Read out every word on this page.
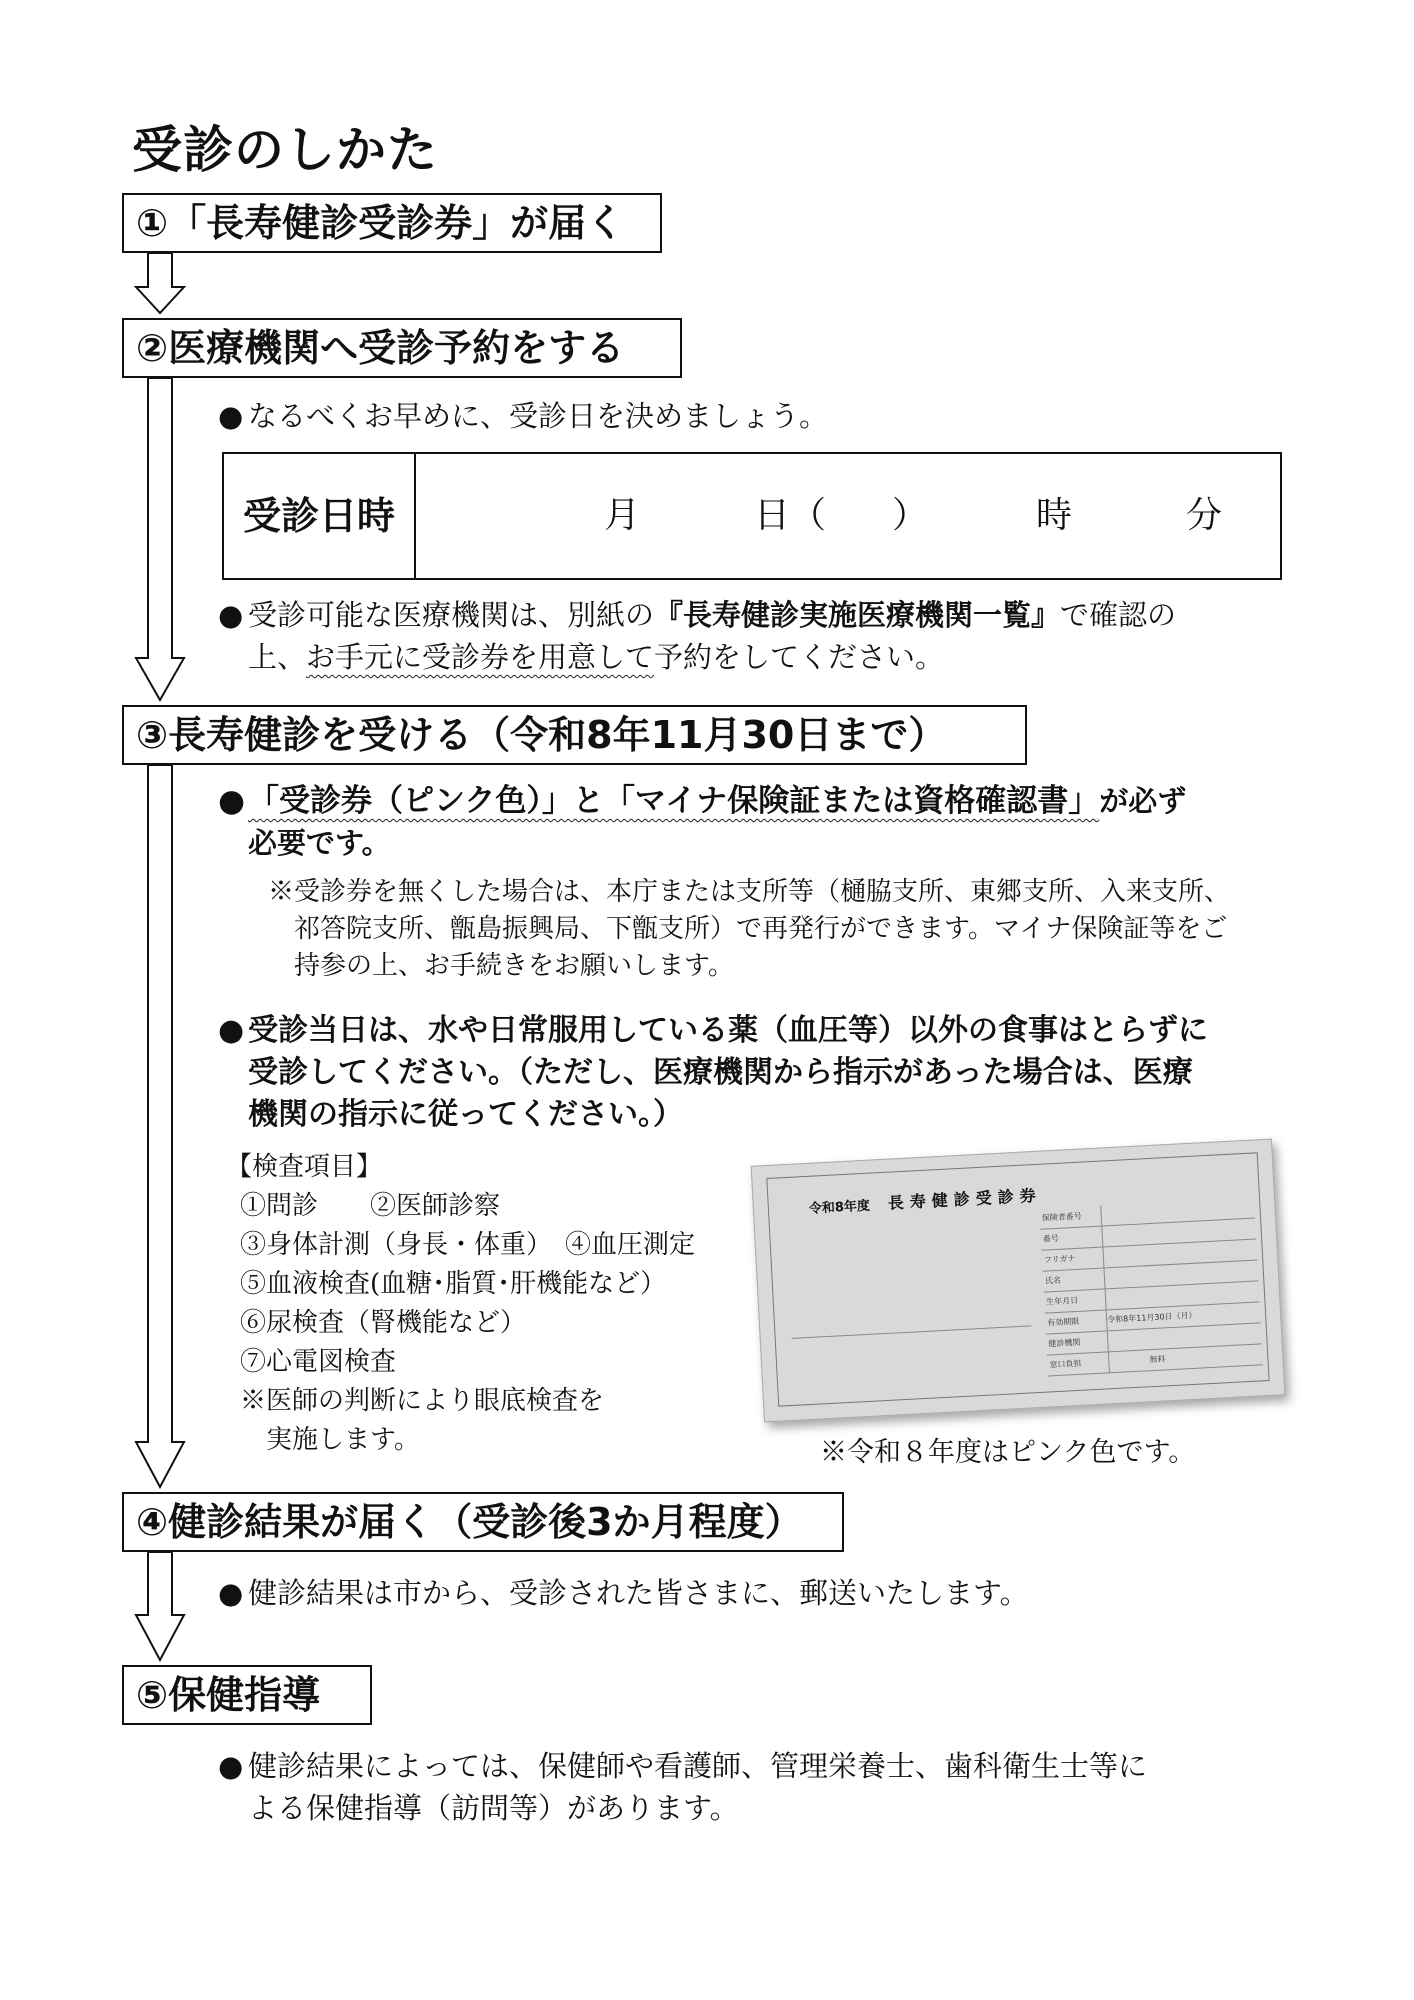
受診のしかた
①「長寿健診受診券」が届く
②医療機関へ受診予約をする
③長寿健診を受ける（令和8年11月30日まで）
④健診結果が届く（受診後3か月程度）
⑤保健指導
● なるべくお早めに、受診日を決めましょう。
受診日時	月	日（ ）	時	分
● 受診可能な医療機関は、別紙の『長寿健診実施医療機関一覧』で確認の
上、お手元に受診券を用意して予約をしてください。
●「受診券（ピンク色）」と「マイナ保険証または資格確認書」が必ず
必要です。
※受診券を無くした場合は、本庁または支所等（樋脇支所、東郷支所、入来支所、
祁答院支所、甑島振興局、下甑支所）で再発行ができます。マイナ保険証等をご
持参の上、お手続きをお願いします。
● 受診当日は、水や日常服用している薬（血圧等）以外の食事はとらずに
受診してください。（ただし、医療機関から指示があった場合は、医療
機関の指示に従ってください。）
【検査項目】
①問診　　②医師診察
③身体計測（身長・体重）　④血圧測定
⑤血液検査(血糖･脂質･肝機能など）
⑥尿検査（腎機能など）
⑦心電図検査
※医師の判断により眼底検査を
実施します。
令和8年度 長寿健診受診券
保険者番号
番号
フリガナ
氏名
生年月日
有効期限	令和8年11月30日（月）
健診機関
窓口負担	無料
※令和８年度はピンク色です。
● 健診結果は市から、受診された皆さまに、郵送いたします。
● 健診結果によっては、保健師や看護師、管理栄養士、歯科衛生士等に
よる保健指導（訪問等）があります。
